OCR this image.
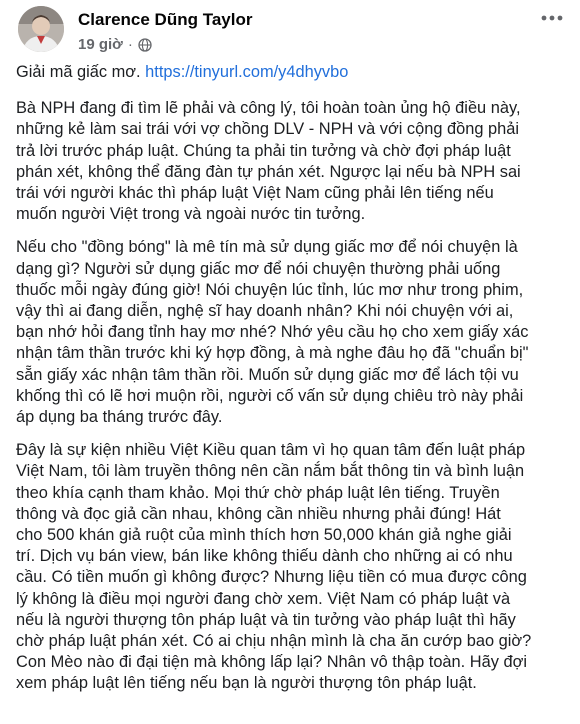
Clarence Dũng Taylor
19 giờ ·

Giải mã giấc mơ. https://tinyurl.com/y4dhyvbo

Bà NPH đang đi tìm lẽ phải và công lý, tôi hoàn toàn ủng hộ điều này,
những kẻ làm sai trái với vợ chồng DLV - NPH và với cộng đồng phải
trả lời trước pháp luật. Chúng ta phải tin tưởng và chờ đợi pháp luật
phán xét, không thể đăng đàn tự phán xét. Ngược lại nếu bà NPH sai
trái với người khác thì pháp luật Việt Nam cũng phải lên tiếng nếu
muốn người Việt trong và ngoài nước tin tưởng.

Nếu cho "đồng bóng" là mê tín mà sử dụng giấc mơ để nói chuyện là
dạng gì? Người sử dụng giấc mơ để nói chuyện thường phải uống
thuốc mỗi ngày đúng giờ! Nói chuyện lúc tỉnh, lúc mơ như trong phim,
vậy thì ai đang diễn, nghệ sĩ hay doanh nhân? Khi nói chuyện với ai,
bạn nhớ hỏi đang tỉnh hay mơ nhé? Nhớ yêu cầu họ cho xem giấy xác
nhận tâm thần trước khi ký hợp đồng, à mà nghe đâu họ đã "chuẩn bị"
sẵn giấy xác nhận tâm thần rồi. Muốn sử dụng giấc mơ để lách tội vu
khống thì có lẽ hơi muộn rồi, người cố vấn sử dụng chiêu trò này phải
áp dụng ba tháng trước đây.

Đây là sự kiện nhiều Việt Kiều quan tâm vì họ quan tâm đến luật pháp
Việt Nam, tôi làm truyền thông nên cần nắm bắt thông tin và bình luận
theo khía cạnh tham khảo. Mọi thứ chờ pháp luật lên tiếng. Truyền
thông và đọc giả cần nhau, không cần nhiều nhưng phải đúng! Hát
cho 500 khán giả ruột của mình thích hơn 50,000 khán giả nghe giải
trí. Dịch vụ bán view, bán like không thiếu dành cho những ai có nhu
cầu. Có tiền muốn gì không được? Nhưng liệu tiền có mua được công
lý không là điều mọi người đang chờ xem. Việt Nam có pháp luật và
nếu là người thượng tôn pháp luật và tin tưởng vào pháp luật thì hãy
chờ pháp luật phán xét. Có ai chịu nhận mình là cha ăn cướp bao giờ?
Con Mèo nào đi đại tiện mà không lấp lại? Nhân vô thập toàn. Hãy đợi
xem pháp luật lên tiếng nếu bạn là người thượng tôn pháp luật.
